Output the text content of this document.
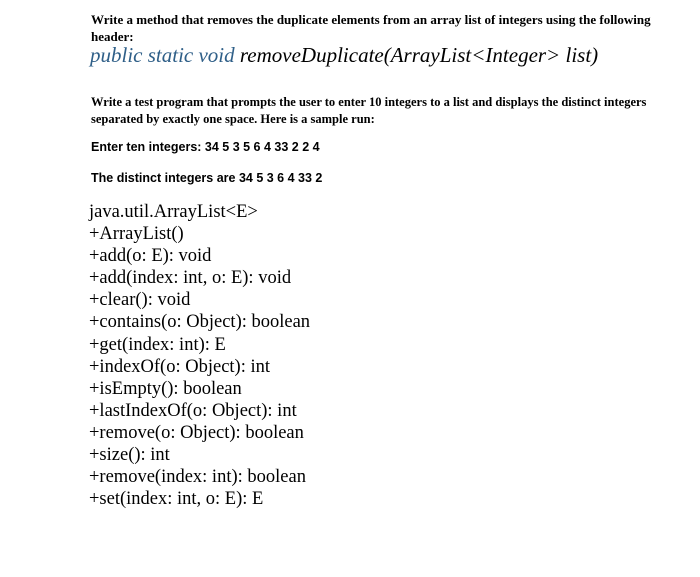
Write a method that removes the duplicate elements from an array list of integers using the following header:
public static void removeDuplicate(ArrayList<Integer> list)
Write a test program that prompts the user to enter 10 integers to a list and displays the distinct integers separated by exactly one space. Here is a sample run:
Enter ten integers: 34 5 3 5 6 4 33 2 2 4
The distinct integers are 34 5 3 6 4 33 2
java.util.ArrayList<E>
+ArrayList()
+add(o: E): void
+add(index: int, o: E): void
+clear(): void
+contains(o: Object): boolean
+get(index: int): E
+indexOf(o: Object): int
+isEmpty(): boolean
+lastIndexOf(o: Object): int
+remove(o: Object): boolean
+size(): int
+remove(index: int): boolean
+set(index: int, o: E): E
